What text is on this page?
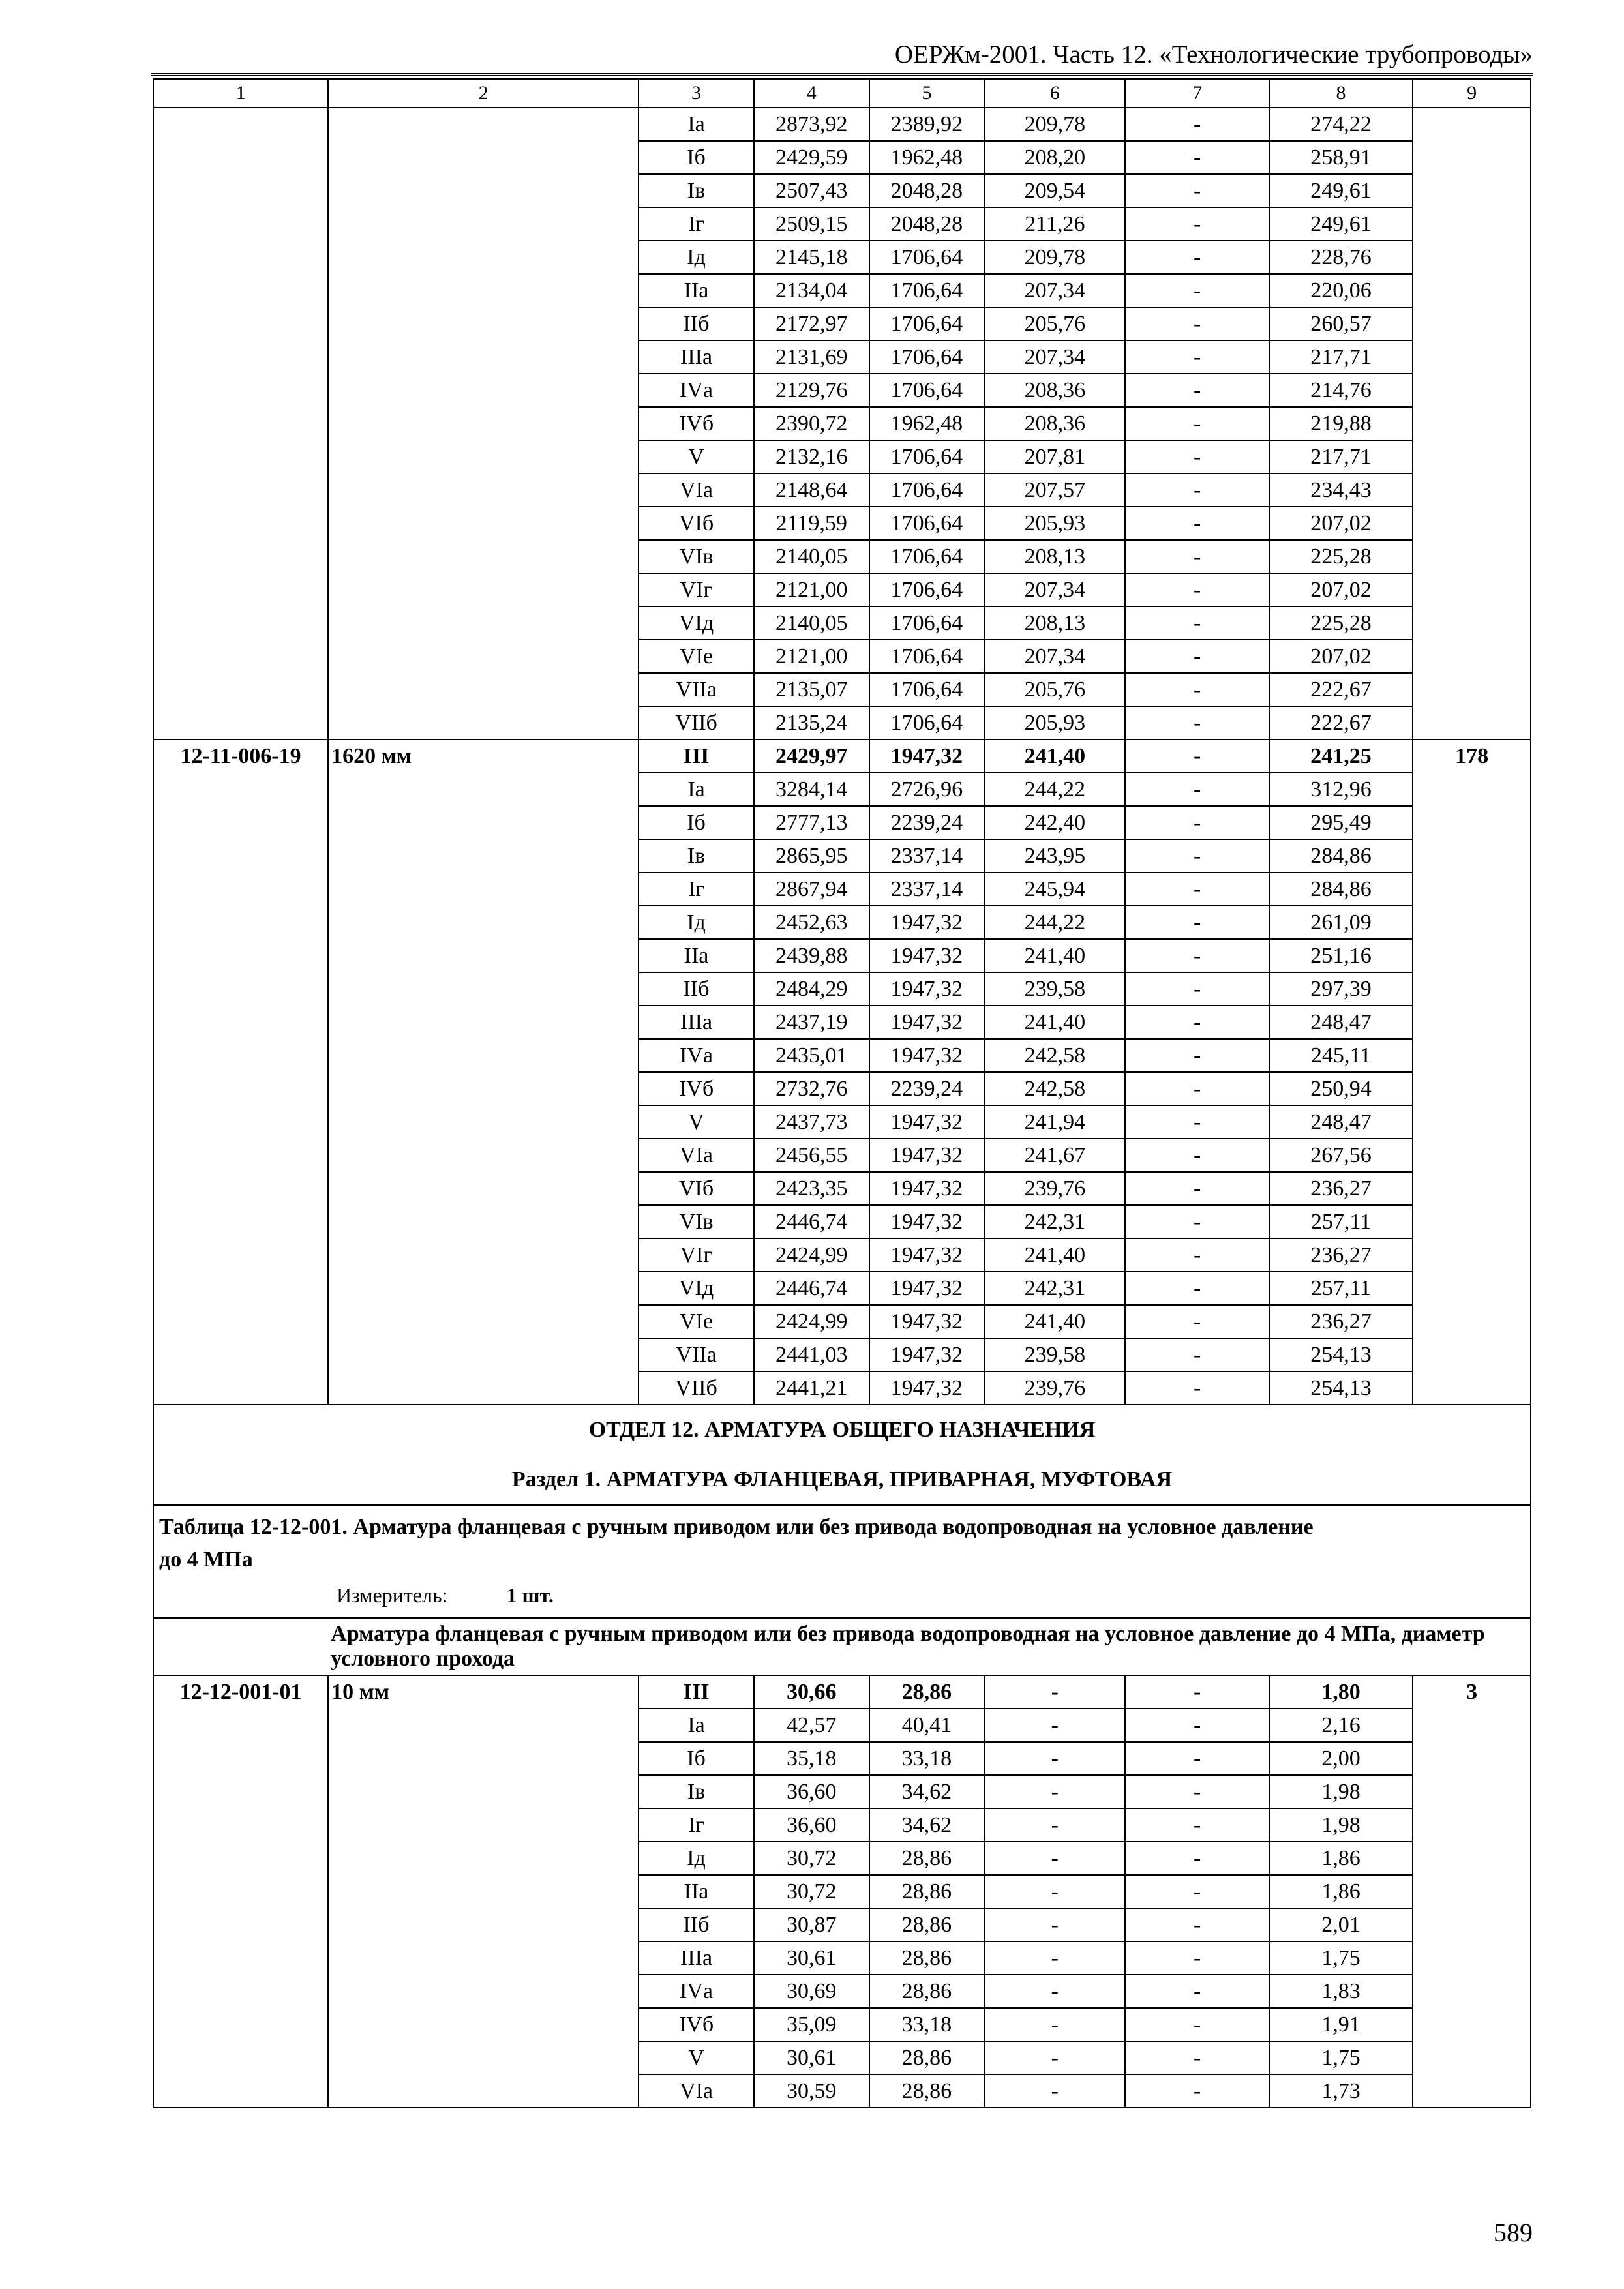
ОЕРЖм-2001. Часть 12. «Технологические трубопроводы»
1	2	3	4	5	6	7	8	9
		Iа	2873,92	2389,92	209,78	-	274,22	
		Iб	2429,59	1962,48	208,20	-	258,91	
		Iв	2507,43	2048,28	209,54	-	249,61	
		Iг	2509,15	2048,28	211,26	-	249,61	
		Iд	2145,18	1706,64	209,78	-	228,76	
		IIа	2134,04	1706,64	207,34	-	220,06	
		IIб	2172,97	1706,64	205,76	-	260,57	
		IIIа	2131,69	1706,64	207,34	-	217,71	
		IVа	2129,76	1706,64	208,36	-	214,76	
		IVб	2390,72	1962,48	208,36	-	219,88	
		V	2132,16	1706,64	207,81	-	217,71	
		VIа	2148,64	1706,64	207,57	-	234,43	
		VIб	2119,59	1706,64	205,93	-	207,02	
		VIв	2140,05	1706,64	208,13	-	225,28	
		VIг	2121,00	1706,64	207,34	-	207,02	
		VIд	2140,05	1706,64	208,13	-	225,28	
		VIе	2121,00	1706,64	207,34	-	207,02	
		VIIа	2135,07	1706,64	205,76	-	222,67	
		VIIб	2135,24	1706,64	205,93	-	222,67	
12-11-006-19	1620 мм	III	2429,97	1947,32	241,40	-	241,25	178
		Iа	3284,14	2726,96	244,22	-	312,96	
		Iб	2777,13	2239,24	242,40	-	295,49	
		Iв	2865,95	2337,14	243,95	-	284,86	
		Iг	2867,94	2337,14	245,94	-	284,86	
		Iд	2452,63	1947,32	244,22	-	261,09	
		IIа	2439,88	1947,32	241,40	-	251,16	
		IIб	2484,29	1947,32	239,58	-	297,39	
		IIIа	2437,19	1947,32	241,40	-	248,47	
		IVа	2435,01	1947,32	242,58	-	245,11	
		IVб	2732,76	2239,24	242,58	-	250,94	
		V	2437,73	1947,32	241,94	-	248,47	
		VIа	2456,55	1947,32	241,67	-	267,56	
		VIб	2423,35	1947,32	239,76	-	236,27	
		VIв	2446,74	1947,32	242,31	-	257,11	
		VIг	2424,99	1947,32	241,40	-	236,27	
		VIд	2446,74	1947,32	242,31	-	257,11	
		VIе	2424,99	1947,32	241,40	-	236,27	
		VIIа	2441,03	1947,32	239,58	-	254,13	
		VIIб	2441,21	1947,32	239,76	-	254,13	
ОТДЕЛ 12. АРМАТУРА ОБЩЕГО НАЗНАЧЕНИЯ								
Раздел 1. АРМАТУРА ФЛАНЦЕВАЯ, ПРИВАРНАЯ, МУФТОВАЯ								

Таблица 12-12-001. Арматура фланцевая с ручным приводом или без привода водопроводная на условное давление до 4 МПа
Измеритель: 1 шт.								
	Арматура фланцевая с ручным приводом или без привода водопроводная на условное давление до 4 МПа, диаметр условного прохода							
12-12-001-01	10 мм	III	30,66	28,86	-	-	1,80	3
		Iа	42,57	40,41	-	-	2,16	
		Iб	35,18	33,18	-	-	2,00	
		Iв	36,60	34,62	-	-	1,98	
		Iг	36,60	34,62	-	-	1,98	
		Iд	30,72	28,86	-	-	1,86	
		IIа	30,72	28,86	-	-	1,86	
		IIб	30,87	28,86	-	-	2,01	
		IIIа	30,61	28,86	-	-	1,75	
		IVа	30,69	28,86	-	-	1,83	
		IVб	35,09	33,18	-	-	1,91	
		V	30,61	28,86	-	-	1,75	
		VIа	30,59	28,86	-	-	1,73	
589
